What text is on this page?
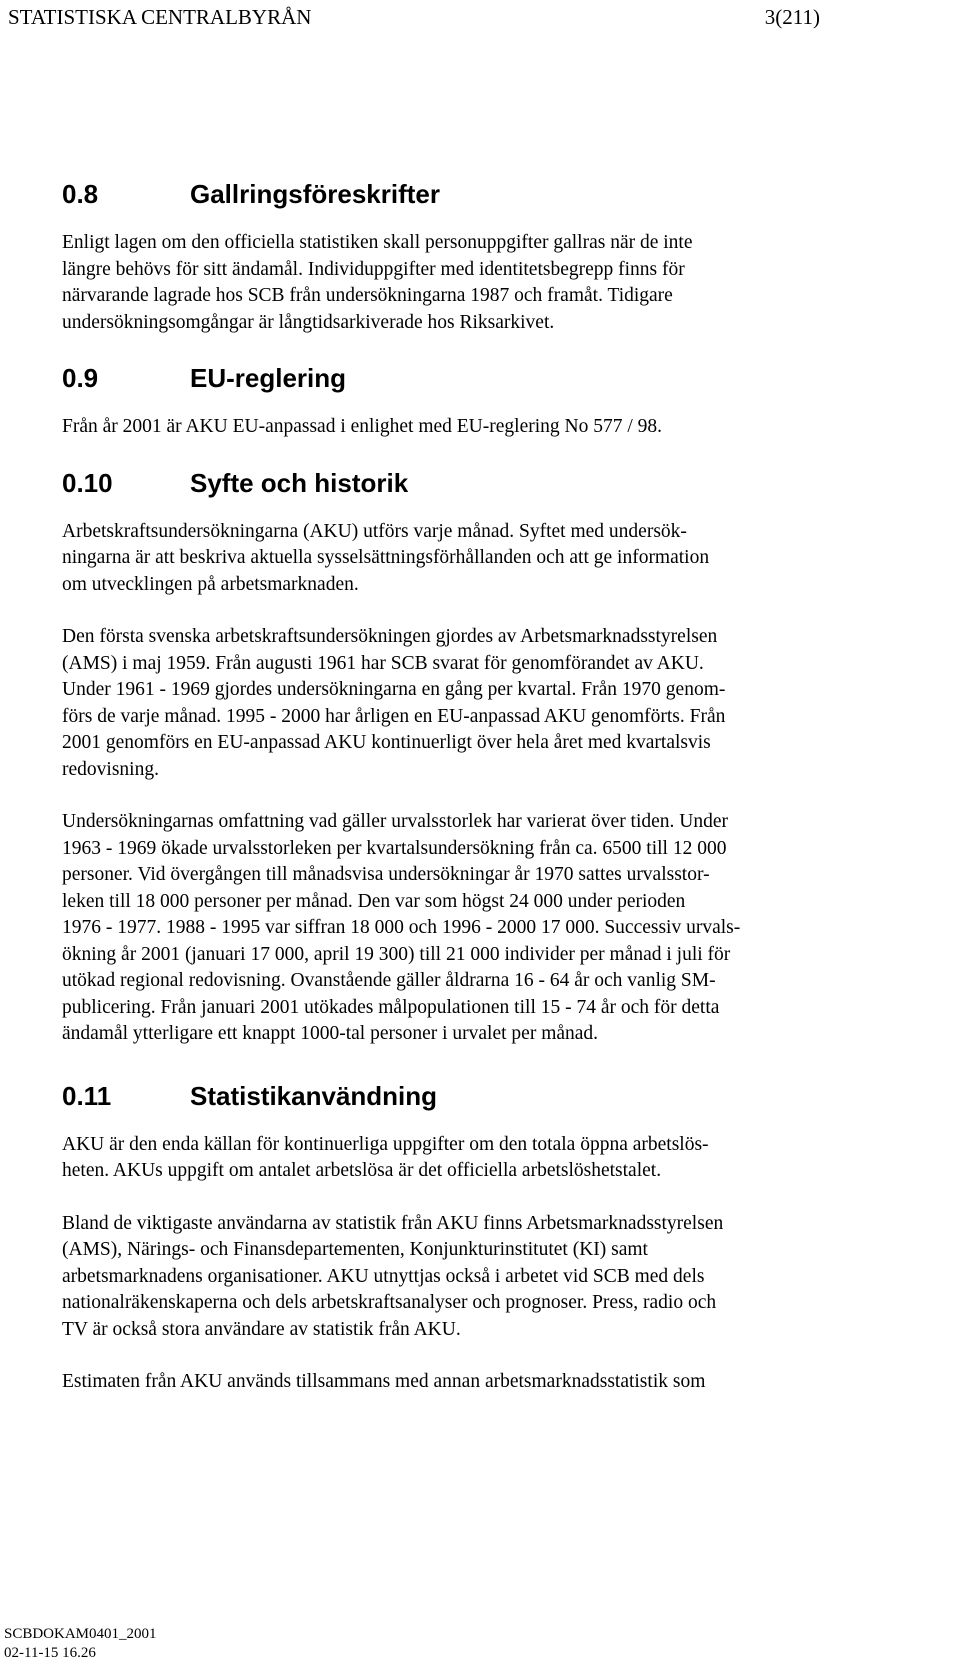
STATISTISKA CENTRALBYRÅN	3(211)
0.8	Gallringsföreskrifter

Enligt lagen om den officiella statistiken skall personuppgifter gallras när de inte
längre behövs för sitt ändamål. Individuppgifter med identitetsbegrepp finns för
närvarande lagrade hos SCB från undersökningarna 1987 och framåt. Tidigare
undersökningsomgångar är långtidsarkiverade hos Riksarkivet.

0.9	EU-reglering

Från år 2001 är AKU EU-anpassad i enlighet med EU-reglering No 577 / 98.

0.10	Syfte och historik

Arbetskraftsundersökningarna (AKU) utförs varje månad. Syftet med undersök-
ningarna är att beskriva aktuella sysselsättningsförhållanden och att ge information
om utvecklingen på arbetsmarknaden.

Den första svenska arbetskraftsundersökningen gjordes av Arbetsmarknadsstyrelsen
(AMS) i maj 1959. Från augusti 1961 har SCB svarat för genomförandet av AKU.
Under 1961 - 1969 gjordes undersökningarna en gång per kvartal. Från 1970 genom-
förs de varje månad. 1995 - 2000 har årligen en EU-anpassad AKU genomförts. Från
2001 genomförs en EU-anpassad AKU kontinuerligt över hela året med kvartalsvis
redovisning.

Undersökningarnas omfattning vad gäller urvalsstorlek har varierat över tiden. Under
1963 - 1969 ökade urvalsstorleken per kvartalsundersökning från ca. 6500 till 12 000
personer. Vid övergången till månadsvisa undersökningar år 1970 sattes urvalsstor-
leken till 18 000 personer per månad. Den var som högst 24 000 under perioden
1976 - 1977. 1988 - 1995 var siffran 18 000 och 1996 - 2000 17 000. Successiv urvals-
ökning år 2001 (januari 17 000, april 19 300) till 21 000 individer per månad i juli för
utökad regional redovisning. Ovanstående gäller åldrarna 16 - 64 år och vanlig SM-
publicering. Från januari 2001 utökades målpopulationen till 15 - 74 år och för detta
ändamål ytterligare ett knappt 1000-tal personer i urvalet per månad.

0.11	Statistikanvändning

AKU är den enda källan för kontinuerliga uppgifter om den totala öppna arbetslös-
heten. AKUs uppgift om antalet arbetslösa är det officiella arbetslöshetstalet.

Bland de viktigaste användarna av statistik från AKU finns Arbetsmarknadsstyrelsen
(AMS), Närings- och Finansdepartementen, Konjunkturinstitutet (KI) samt
arbetsmarknadens organisationer. AKU utnyttjas också i arbetet vid SCB med dels
nationalräkenskaperna och dels arbetskraftsanalyser och prognoser. Press, radio och
TV är också stora användare av statistik från AKU.

Estimaten från AKU används tillsammans med annan arbetsmarknadsstatistik som

SCBDOKAM0401_2001
02-11-15 16.26
